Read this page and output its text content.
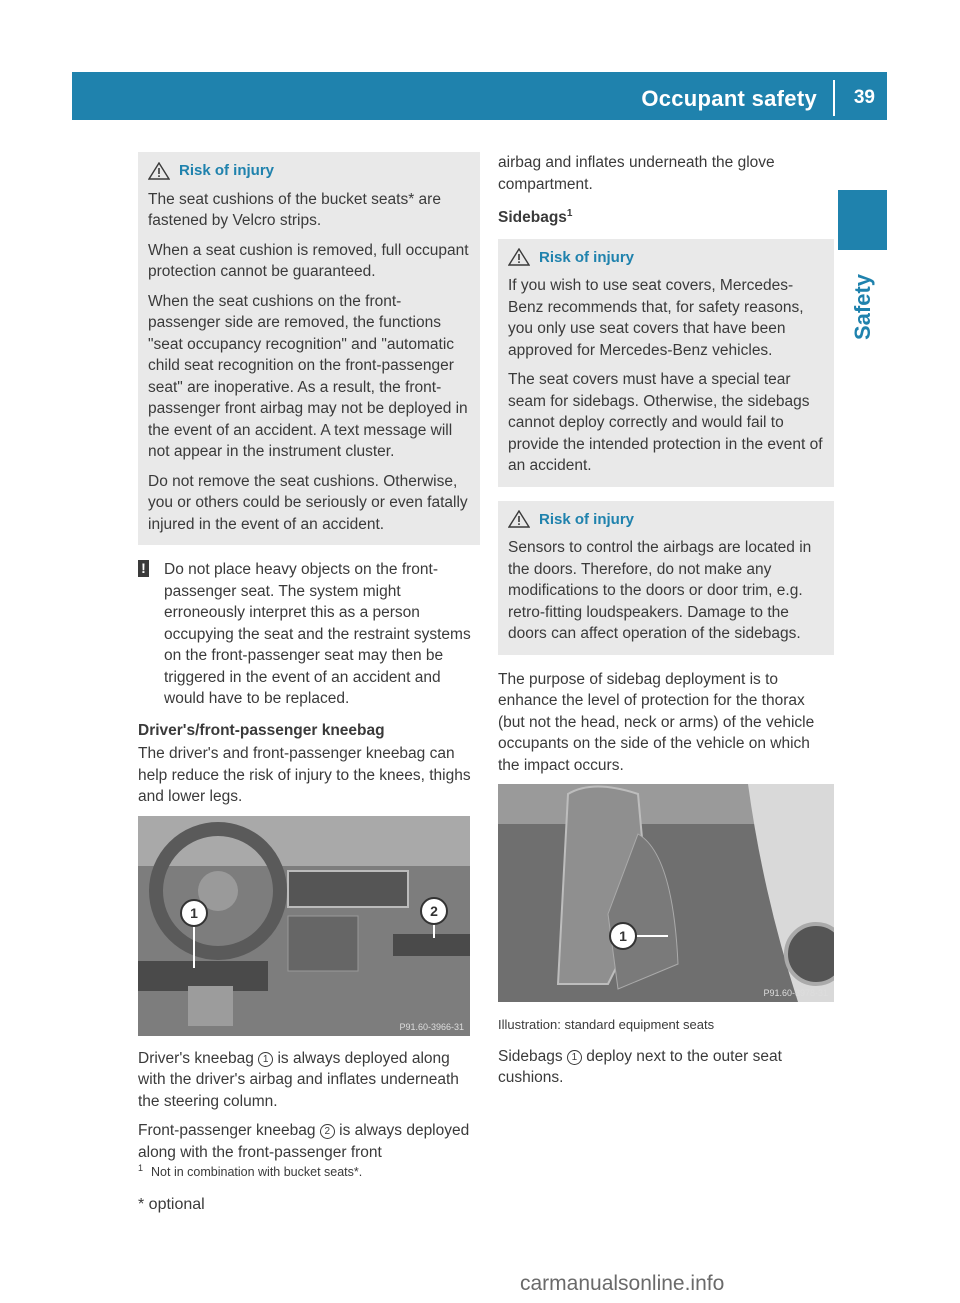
Occupant safety 39
Safety
Risk of injury

The seat cushions of the bucket seats* are fastened by Velcro strips.

When a seat cushion is removed, full occupant protection cannot be guaranteed.

When the seat cushions on the front-passenger side are removed, the functions "seat occupancy recognition" and "automatic child seat recognition on the front-passenger seat" are inoperative. As a result, the front-passenger front airbag may not be deployed in the event of an accident. A text message will not appear in the instrument cluster.

Do not remove the seat cushions. Otherwise, you or others could be seriously or even fatally injured in the event of an accident.

! Do not place heavy objects on the front-passenger seat. The system might erroneously interpret this as a person occupying the seat and the restraint systems on the front-passenger seat may then be triggered in the event of an accident and would have to be replaced.
Driver's/front-passenger kneebag

The driver's and front-passenger kneebag can help reduce the risk of injury to the knees, thighs and lower legs.

1	2
P91.60-3966-31

Driver's kneebag 1 is always deployed along with the driver's airbag and inflates underneath the steering column.

Front-passenger kneebag 2 is always deployed along with the front-passenger front

airbag and inflates underneath the glove compartment.

Sidebags$^1$
Risk of injury

If you wish to use seat covers, Mercedes-Benz recommends that, for safety reasons, you only use seat covers that have been approved for Mercedes-Benz vehicles.

The seat covers must have a special tear seam for sidebags. Otherwise, the sidebags cannot deploy correctly and would fail to provide the intended protection in the event of an accident.

Risk of injury

Sensors to control the airbags are located in the doors. Therefore, do not make any modifications to the doors or door trim, e.g. retro-fitting loudspeakers. Damage to the doors can affect operation of the sidebags.

The purpose of sidebag deployment is to enhance the level of protection for the thorax (but not the head, neck or arms) of the vehicle occupants on the side of the vehicle on which the impact occurs.

1
P91.60-3978-31

Illustration: standard equipment seats

Sidebags 1 deploy next to the outer seat cushions.

$^1$ Not in combination with bucket seats*.
* optional
carmanualsonline.info
